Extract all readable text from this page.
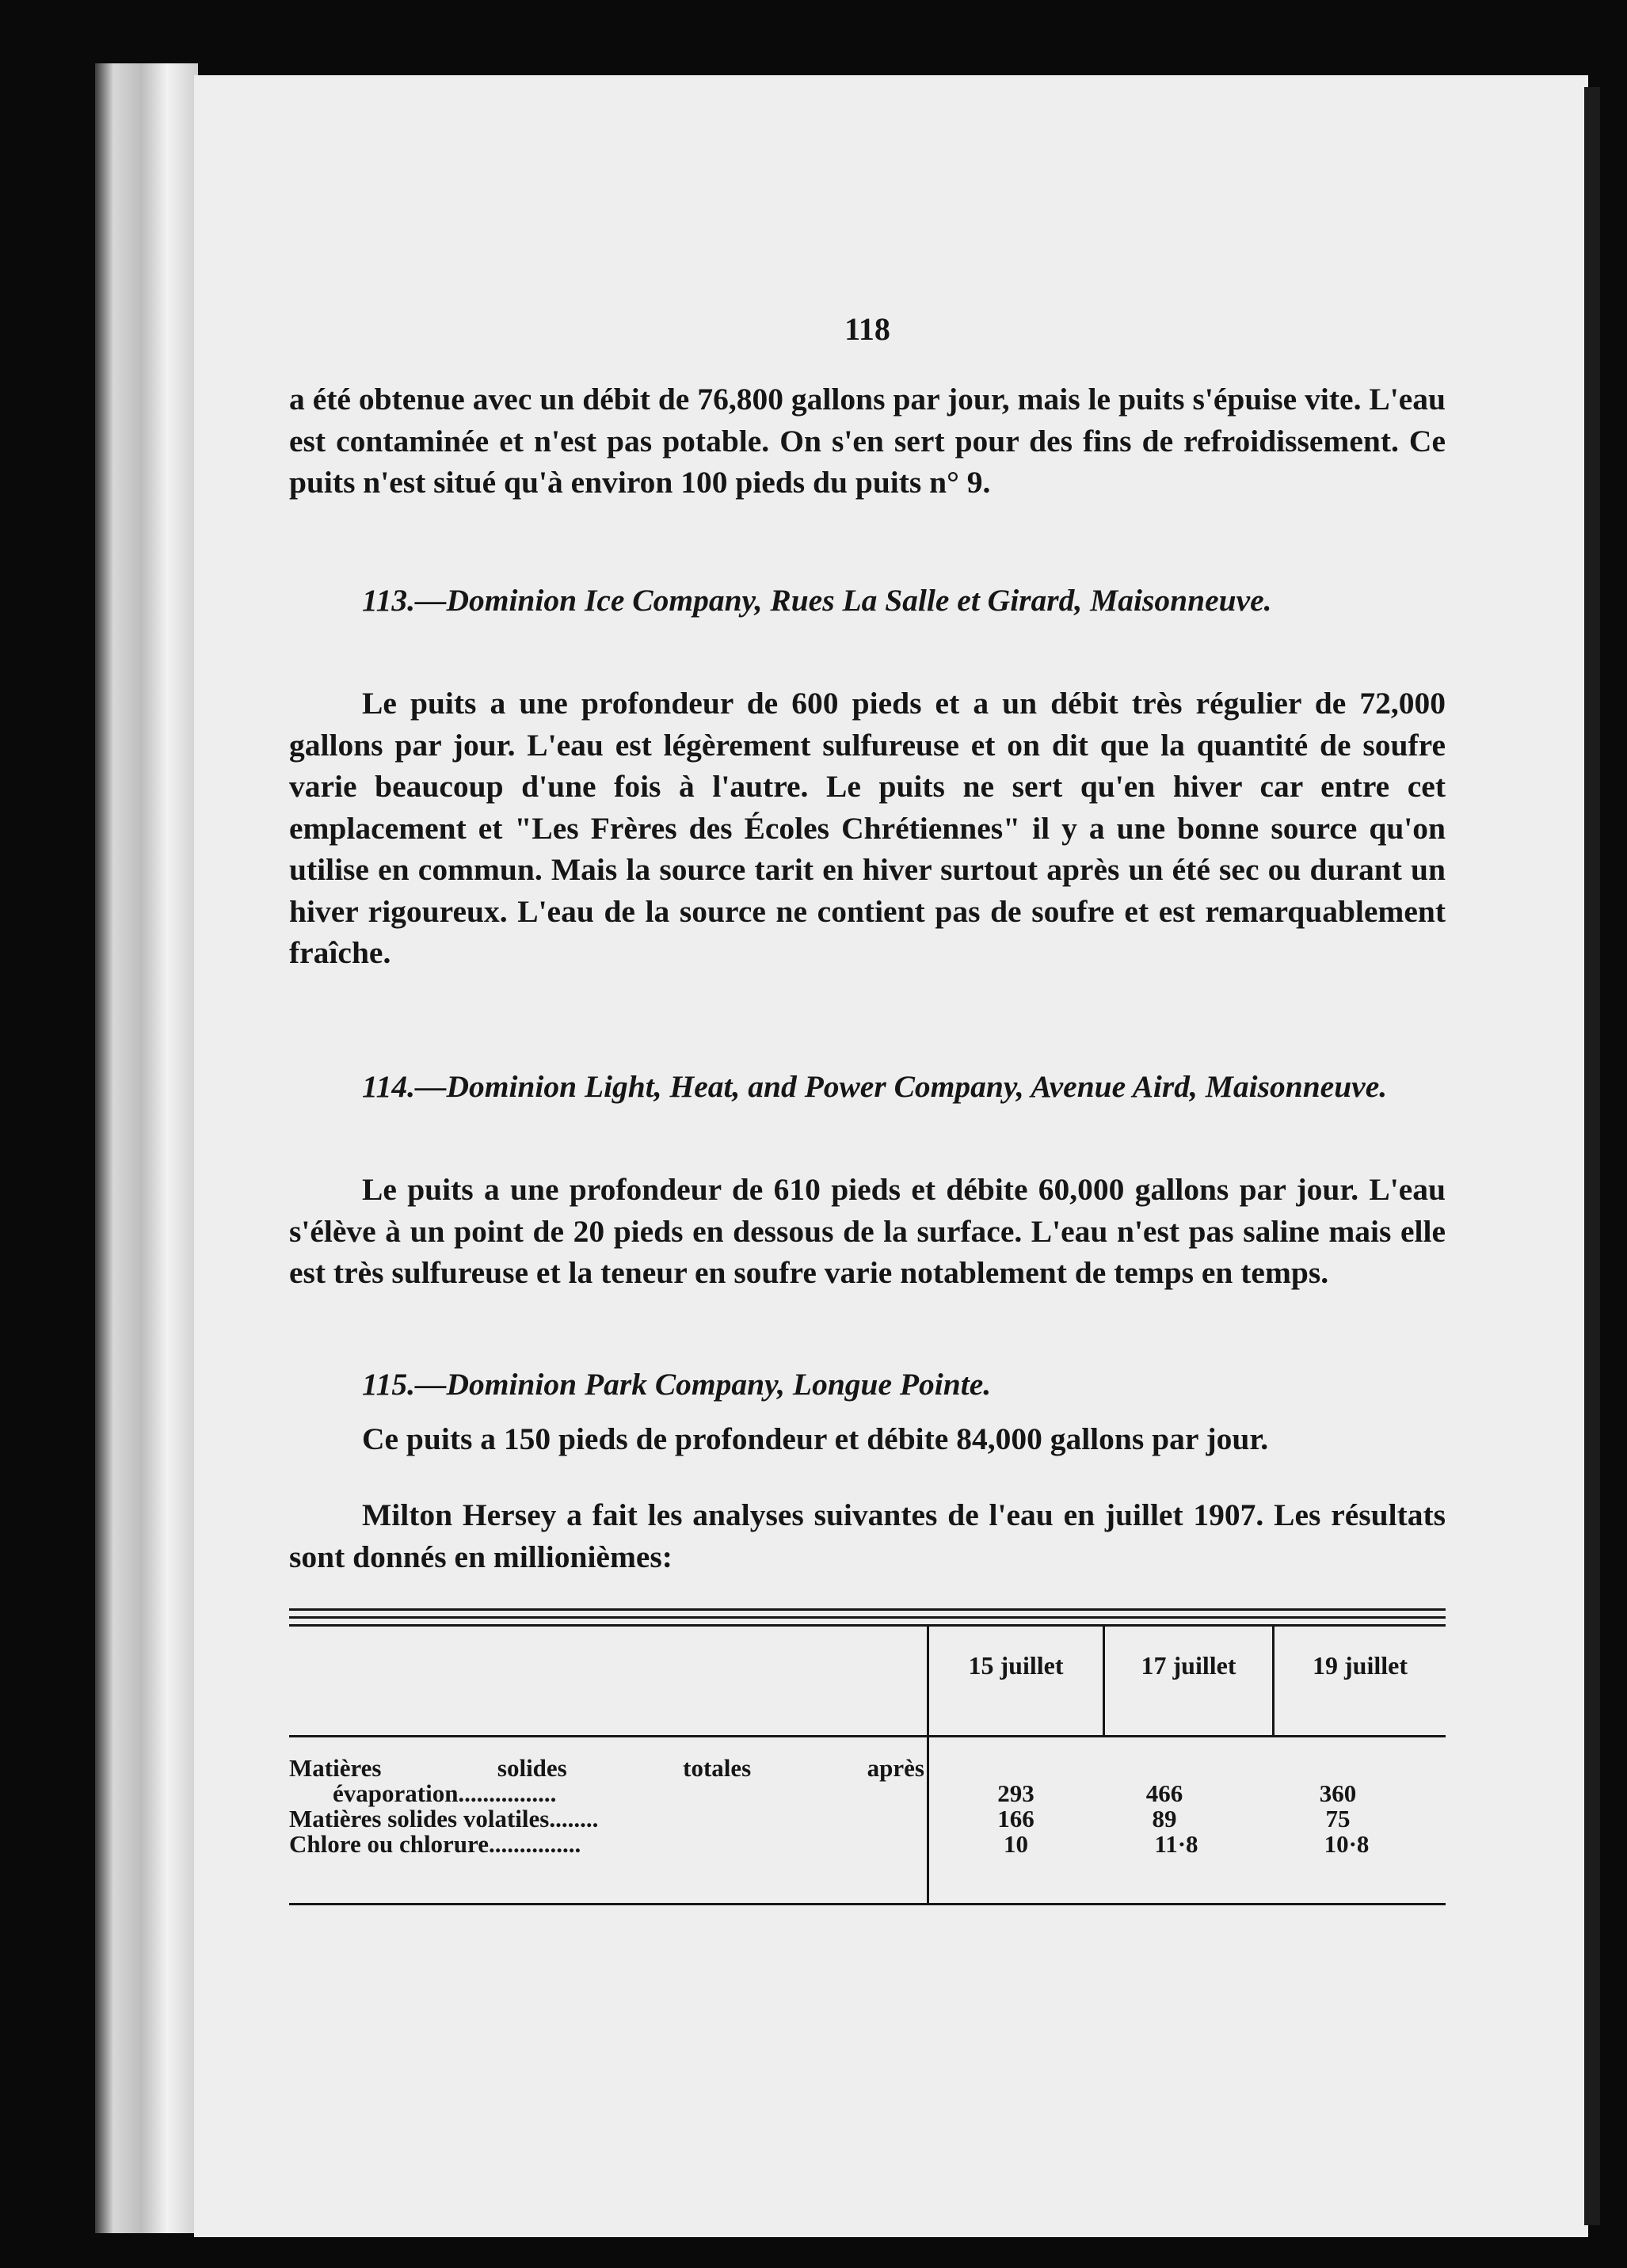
118

a été obtenue avec un débit de 76,800 gallons par jour, mais le puits s'épuise vite. L'eau est contaminée et n'est pas potable. On s'en sert pour des fins de refroidissement. Ce puits n'est situé qu'à environ 100 pieds du puits n° 9.

113.—Dominion Ice Company, Rues La Salle et Girard, Maisonneuve.

Le puits a une profondeur de 600 pieds et a un débit très régulier de 72,000 gallons par jour. L'eau est légèrement sulfureuse et on dit que la quantité de soufre varie beaucoup d'une fois à l'autre. Le puits ne sert qu'en hiver car entre cet emplacement et "Les Frères des Écoles Chrétiennes" il y a une bonne source qu'on utilise en commun. Mais la source tarit en hiver surtout après un été sec ou durant un hiver rigoureux. L'eau de la source ne contient pas de soufre et est remarquablement fraîche.

114.—Dominion Light, Heat, and Power Company, Avenue Aird, Maisonneuve.

Le puits a une profondeur de 610 pieds et débite 60,000 gallons par jour. L'eau s'élève à un point de 20 pieds en dessous de la surface. L'eau n'est pas saline mais elle est très sulfureuse et la teneur en soufre varie notablement de temps en temps.

115.—Dominion Park Company, Longue Pointe.

Ce puits a 150 pieds de profondeur et débite 84,000 gallons par jour.

Milton Hersey a fait les analyses suivantes de l'eau en juillet 1907. Les résultats sont donnés en millionièmes:

15 juillet	17 juillet	19 juillet
Matières solides totales après
évaporation................	293	466	360
Matières solides volatiles........	166	89	75
Chlore ou chlorure...............	10	11·8	10·8
